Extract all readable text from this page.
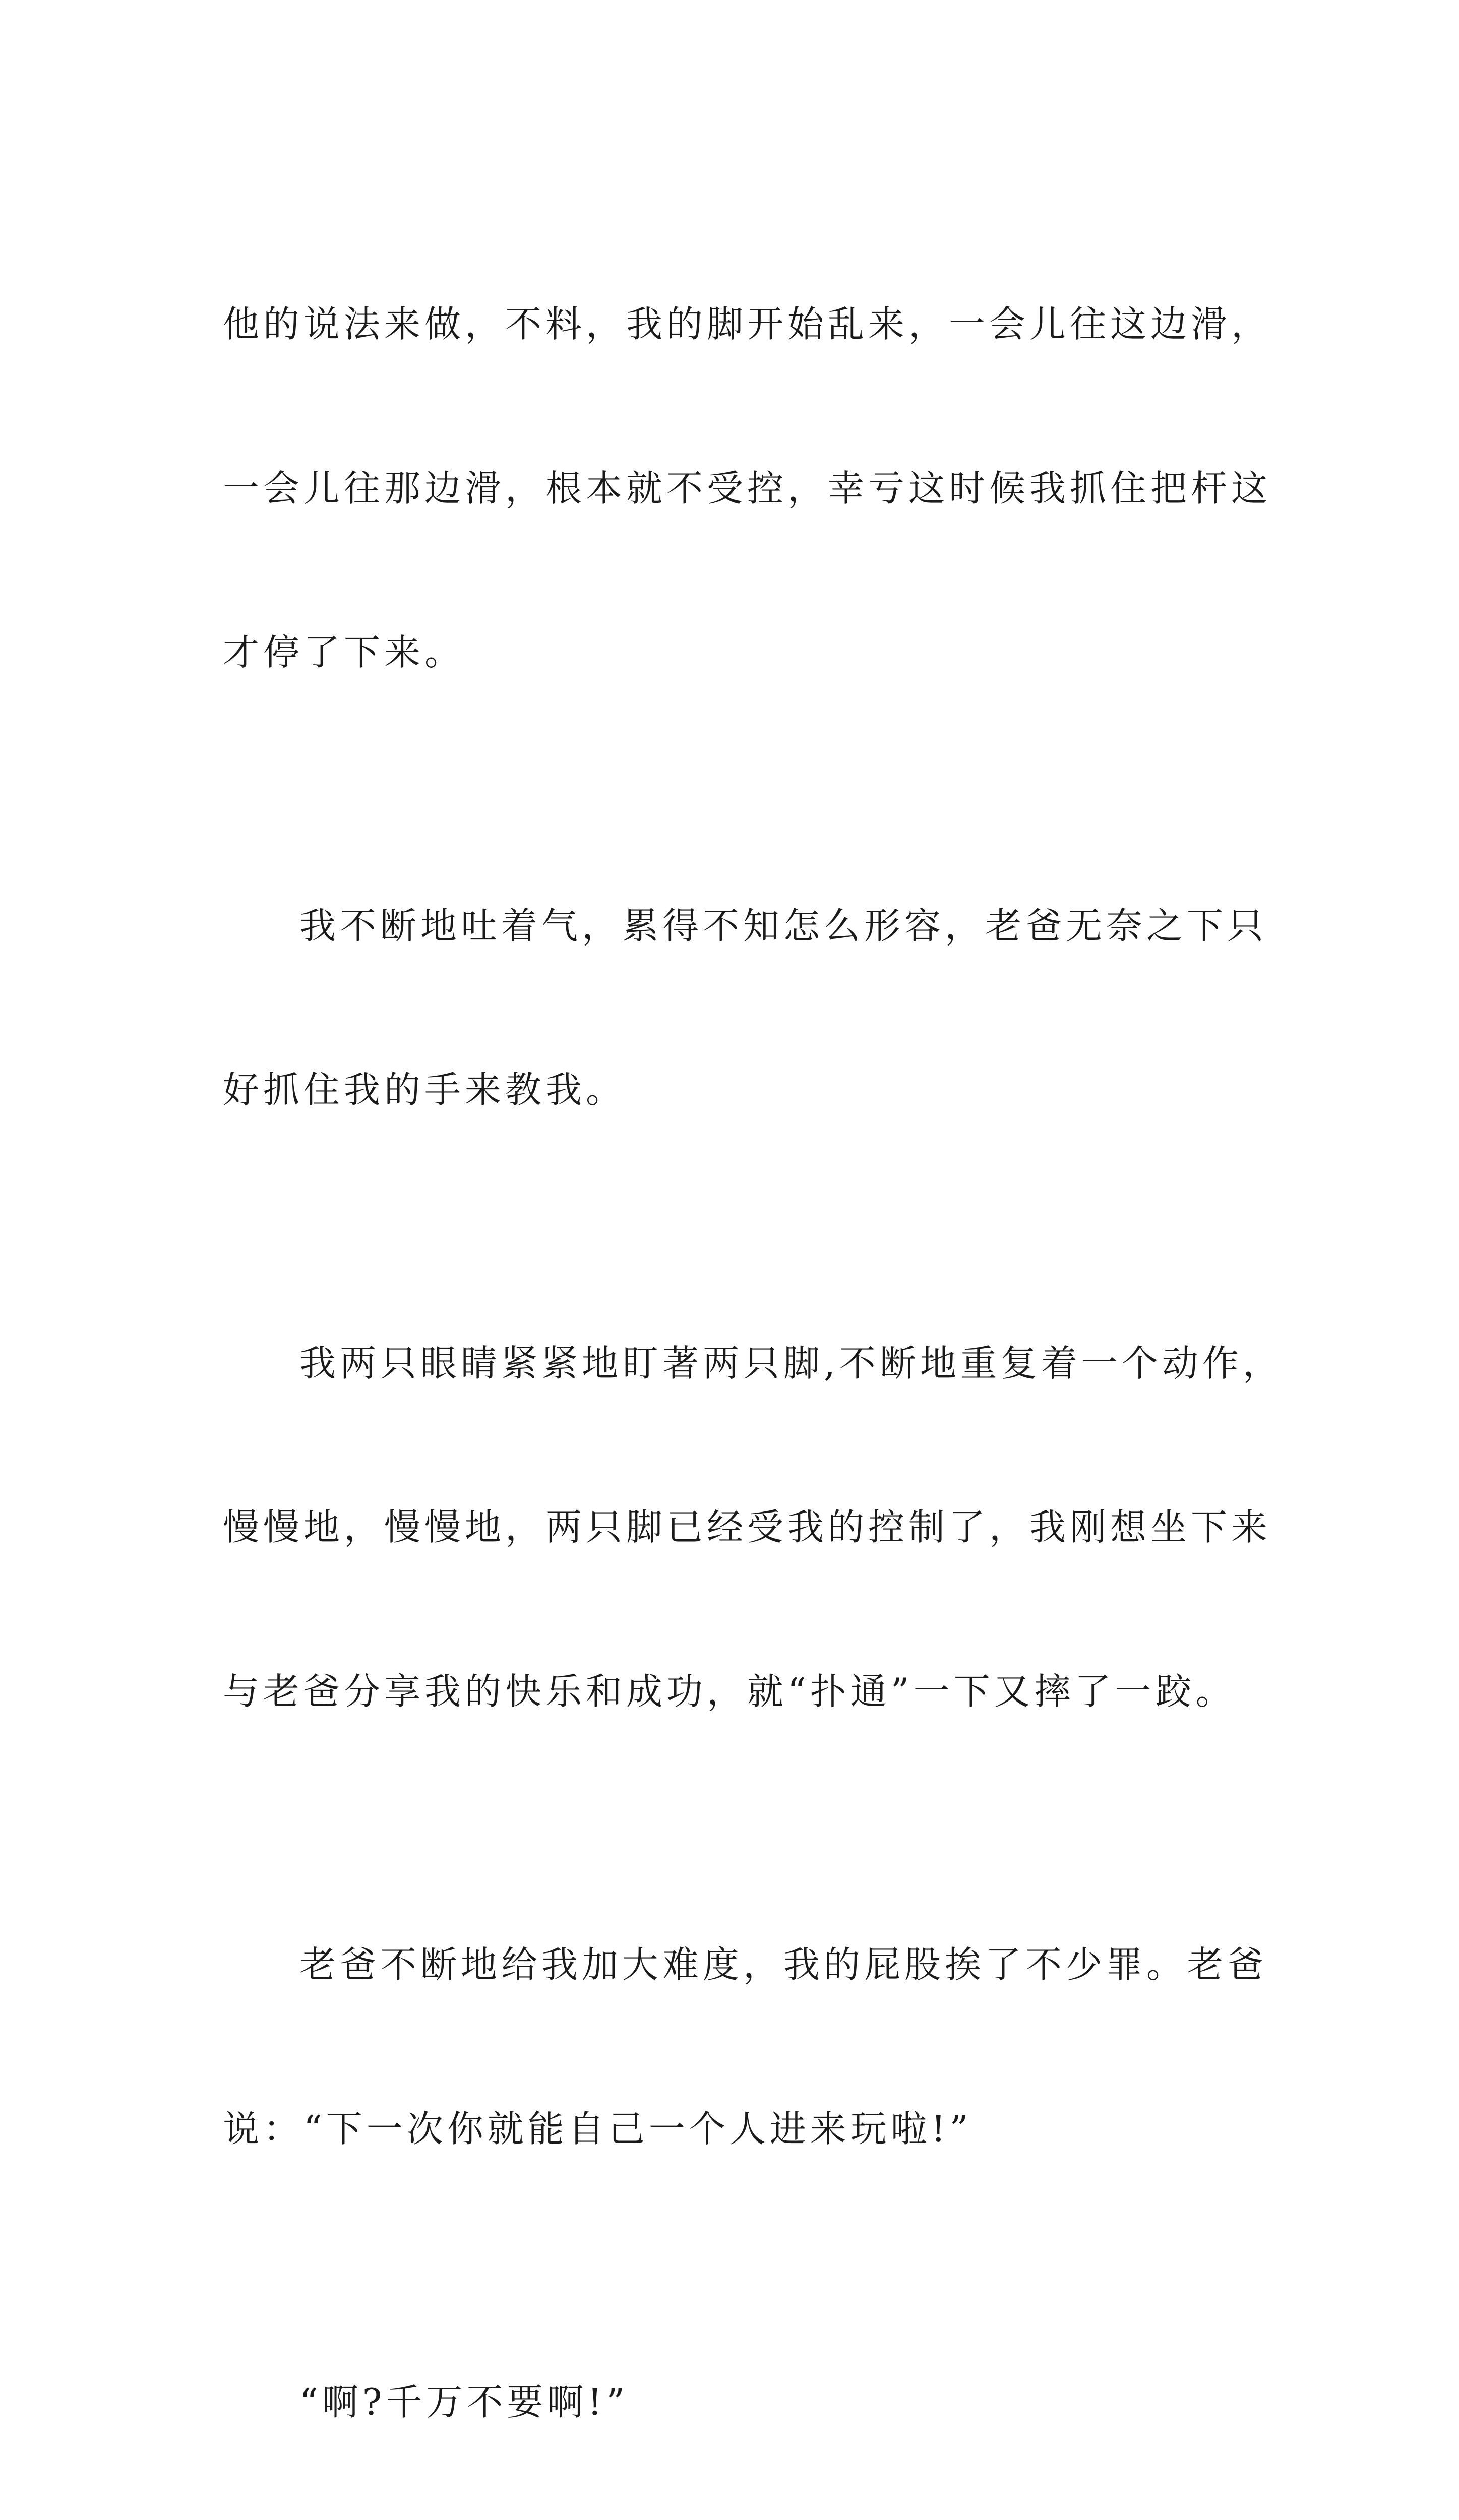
他的说法来做，不料，我的脚开始乱来，一会儿往这边滑，

一会儿往那边滑，根本就不受控，幸亏这时候我抓住把杆这

才停了下来。

我不断地吐着气，累得不知怎么形容，老爸无奈之下只

好抓住我的手来教我。

我两只眼睛紧紧地盯著两只脚,不断地重复着一个动作，

慢慢地，慢慢地，两只脚已经受我的控制了，我刚想坐下来

与老爸分享我的快乐和成功，就“扑通”一下又摔了一跤。

老爸不断地给我加大难度，我的屁股挨了不少罪。老爸

说：“下一次你就能自己一个人进来玩啦!”

“啊?千万不要啊!”
